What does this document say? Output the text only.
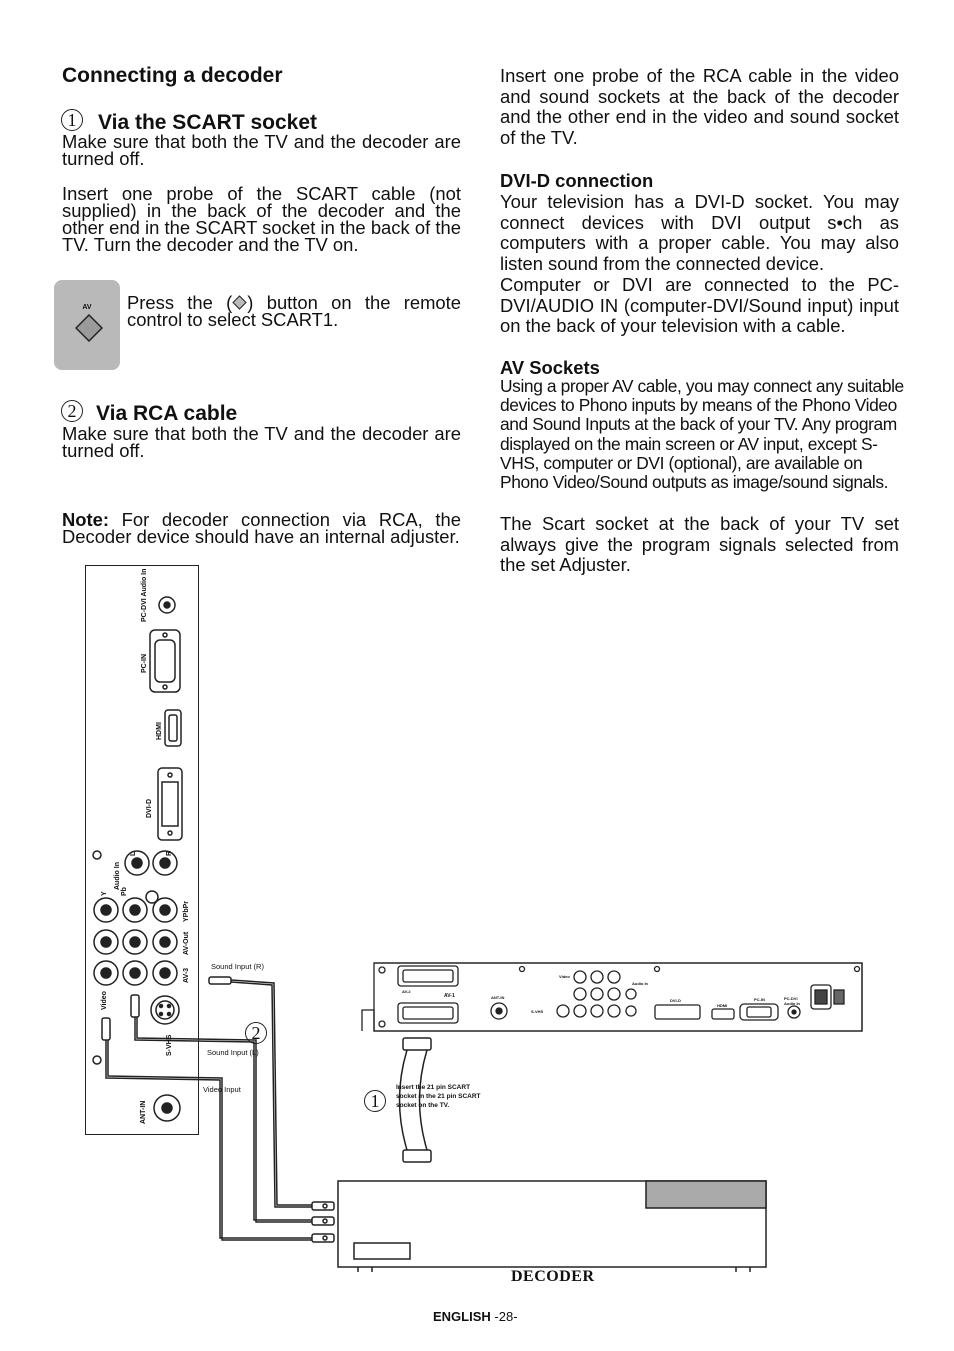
Connecting a decoder
1	Via the SCART socket
Make sure that both the TV and the decoder are turned off.
Insert one probe of the SCART cable (not supplied) in the back of the decoder and the other end in the SCART socket in the back of the TV. Turn the decoder and the TV on.
AV	Press the ( ) button on the remote control to select SCART1.
2 Via RCA cable
Make sure that both the TV and the decoder are turned off.
Note: For decoder connection via RCA, the Decoder device should have an internal adjuster.
Insert one probe of the RCA cable in the video and sound sockets at the back of the decoder and the other end in the video and sound socket of the TV.
DVI-D connection
Your television has a DVI-D socket. You may connect devices with DVI output s•ch as computers with a proper cable. You may also listen sound from the connected device.
Computer or DVI are connected to the PC-DVI/AUDIO IN (computer-DVI/Sound input) input on the back of your television with a cable.
AV Sockets
Using a proper AV cable, you may connect any suitable devices to Phono inputs by means of the Phono Video and Sound Inputs at the back of your TV. Any program displayed on the main screen or AV input, except S-VHS, computer or DVI (optional), are available on Phono Video/Sound outputs as image/sound signals.
The Scart socket at the back of your TV set always give the program signals selected from the set Adjuster.
PC-DVI Audio In
PC-IN
HDMI
DVI-D
Audio In
L	R
Y Pb
YPbPr
AV-Out
AV-3
Video
S-VHS
ANT-IN
AV-1
AV-2
ANT-IN
S-VHS
Video
Audio In
DVI-D
HDMI
PC-IN	PC-DVI Audio In
Sound Input (R)
Sound Input (L)
Video Input	Insert the 21 pin SCART socket in the 21 pin SCART socket on the TV.
1
2
DECODER
ENGLISH -28-
